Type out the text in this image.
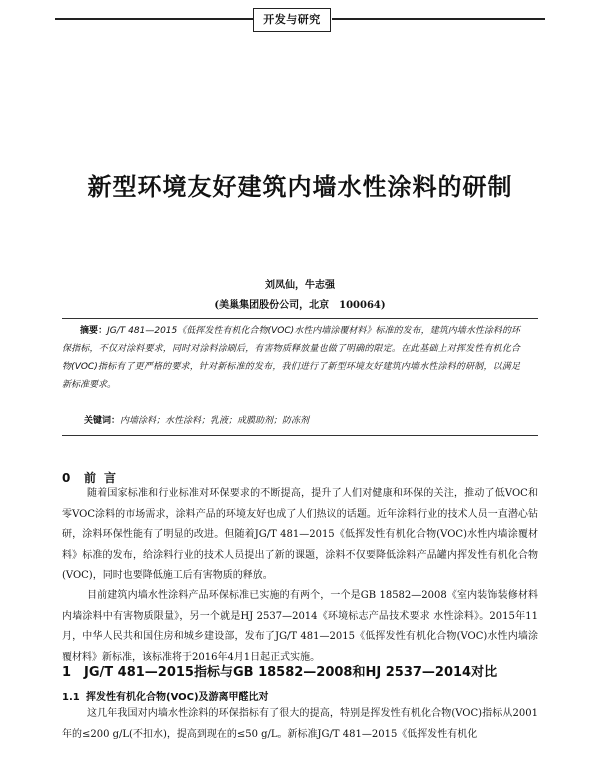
开发与研究
新型环境友好建筑内墙水性涂料的研制
刘凤仙，牛志强
(美巢集团股份公司，北京　100064)
摘要：JG/T 481—2015《低挥发性有机化合物(VOC)水性内墙涂覆材料》标准的发布，建筑内墙水性涂料的环保指标，不仅对涂料要求，同时对涂料涂刷后，有害物质释放量也做了明确的限定。在此基础上对挥发性有机化合物(VOC)指标有了更严格的要求，针对新标准的发布，我们进行了新型环境友好建筑内墙水性涂料的研制，以满足新标准要求。
关键词：内墙涂料；水性涂料；乳液；成膜助剂；防冻剂
0 前言
随着国家标准和行业标准对环保要求的不断提高，提升了人们对健康和环保的关注，推动了低VOC和零VOC涂料的市场需求，涂料产品的环境友好也成了人们热议的话题。近年涂料行业的技术人员一直潜心钻研，涂料环保性能有了明显的改进。但随着JG/T 481—2015《低挥发性有机化合物(VOC)水性内墙涂覆材料》标准的发布，给涂料行业的技术人员提出了新的课题，涂料不仅要降低涂料产品罐内挥发性有机化合物(VOC)，同时也要降低施工后有害物质的释放。
目前建筑内墙水性涂料产品环保标准已实施的有两个，一个是GB 18582—2008《室内装饰装修材料内墙涂料中有害物质限量》，另一个就是HJ 2537—2014《环境标志产品技术要求 水性涂料》。2015年11月，中华人民共和国住房和城乡建设部，发布了JG/T 481—2015《低挥发性有机化合物(VOC)水性内墙涂覆材料》新标准，该标准将于2016年4月1日起正式实施。
1 JG/T 481—2015指标与GB 18582—2008和HJ 2537—2014对比
1.1 挥发性有机化合物(VOC)及游离甲醛比对
这几年我国对内墙水性涂料的环保指标有了很大的提高，特别是挥发性有机化合物(VOC)指标从2001年的≤200 g/L(不扣水)，提高到现在的≤50 g/L。新标准JG/T 481—2015《低挥发性有机化
